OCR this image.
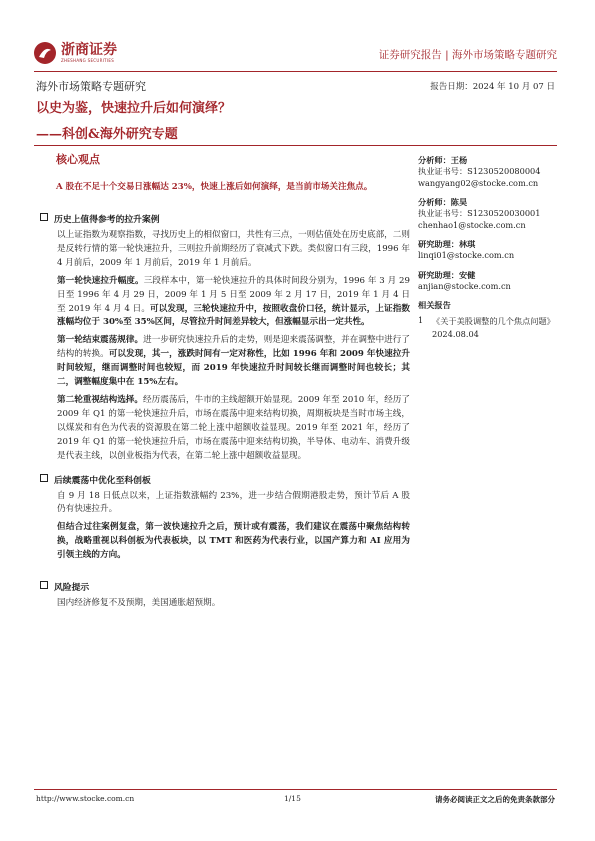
浙商证券
ZHESHANG SECURITIES	证券研究报告 | 海外市场策略专题研究
海外市场策略专题研究	报告日期：2024 年 10 月 07 日
以史为鉴，快速拉升后如何演绎？
——科创&海外研究专题
核心观点
A 股在不足十个交易日涨幅达 23%，快速上涨后如何演绎，是当前市场关注焦点。
历史上值得参考的拉升案例

以上证指数为观察指数，寻找历史上的相似窗口，共性有三点，一则估值处在历史底部，二则是反转行情的第一轮快速拉升，三则拉升前期经历了衰减式下跌。类似窗口有三段，1996 年 4 月前后，2009 年 1 月前后，2019 年 1 月前后。

第一轮快速拉升幅度。三段样本中，第一轮快速拉升的具体时间段分别为，1996 年 3 月 29 日至 1996 年 4 月 29 日，2009 年 1 月 5 日至 2009 年 2 月 17 日，2019 年 1 月 4 日至 2019 年 4 月 4 日。可以发现，三轮快速拉升中，按照收盘价口径，统计显示，上证指数涨幅均位于 30%至 35%区间，尽管拉升时间差异较大，但涨幅显示出一定共性。

第一轮结束震荡规律。进一步研究快速拉升后的走势，则是迎来震荡调整，并在调整中进行了结构的转换。可以发现，其一，涨跌时间有一定对称性，比如 1996 年和 2009 年快速拉升时间较短，继而调整时间也较短，而 2019 年快速拉升时间较长继而调整时间也较长；其二，调整幅度集中在 15%左右。

第二轮重视结构选择。经历震荡后，牛市的主线超额开始显现。2009 年至 2010 年，经历了 2009 年 Q1 的第一轮快速拉升后，市场在震荡中迎来结构切换，周期板块是当时市场主线，以煤炭和有色为代表的资源股在第二轮上涨中超额收益显现。2019 年至 2021 年，经历了 2019 年 Q1 的第一轮快速拉升后，市场在震荡中迎来结构切换，半导体、电动车、消费升级是代表主线，以创业板指为代表，在第二轮上涨中超额收益显现。

后续震荡中优化至科创板

自 9 月 18 日低点以来，上证指数涨幅约 23%，进一步结合假期港股走势，预计节后 A 股仍有快速拉升。

但结合过往案例复盘，第一波快速拉升之后，预计或有震荡，我们建议在震荡中聚焦结构转换，战略重视以科创板为代表板块，以 TMT 和医药为代表行业，以国产算力和 AI 应用为引领主线的方向。

风险提示

国内经济修复不及预期，美国通胀超预期。

分析师：王杨
执业证书号：S1230520080004
wangyang02@stocke.com.cn
分析师：陈昊
执业证书号：S1230520030001
chenhao1@stocke.com.cn
研究助理：林琪
linqi01@stocke.com.cn
研究助理：安健
anjian@stocke.com.cn
相关报告
1	《关于美股调整的几个焦点问题》 2024.08.04
http://www.stocke.com.cn	1/15	请务必阅读正文之后的免责条款部分
